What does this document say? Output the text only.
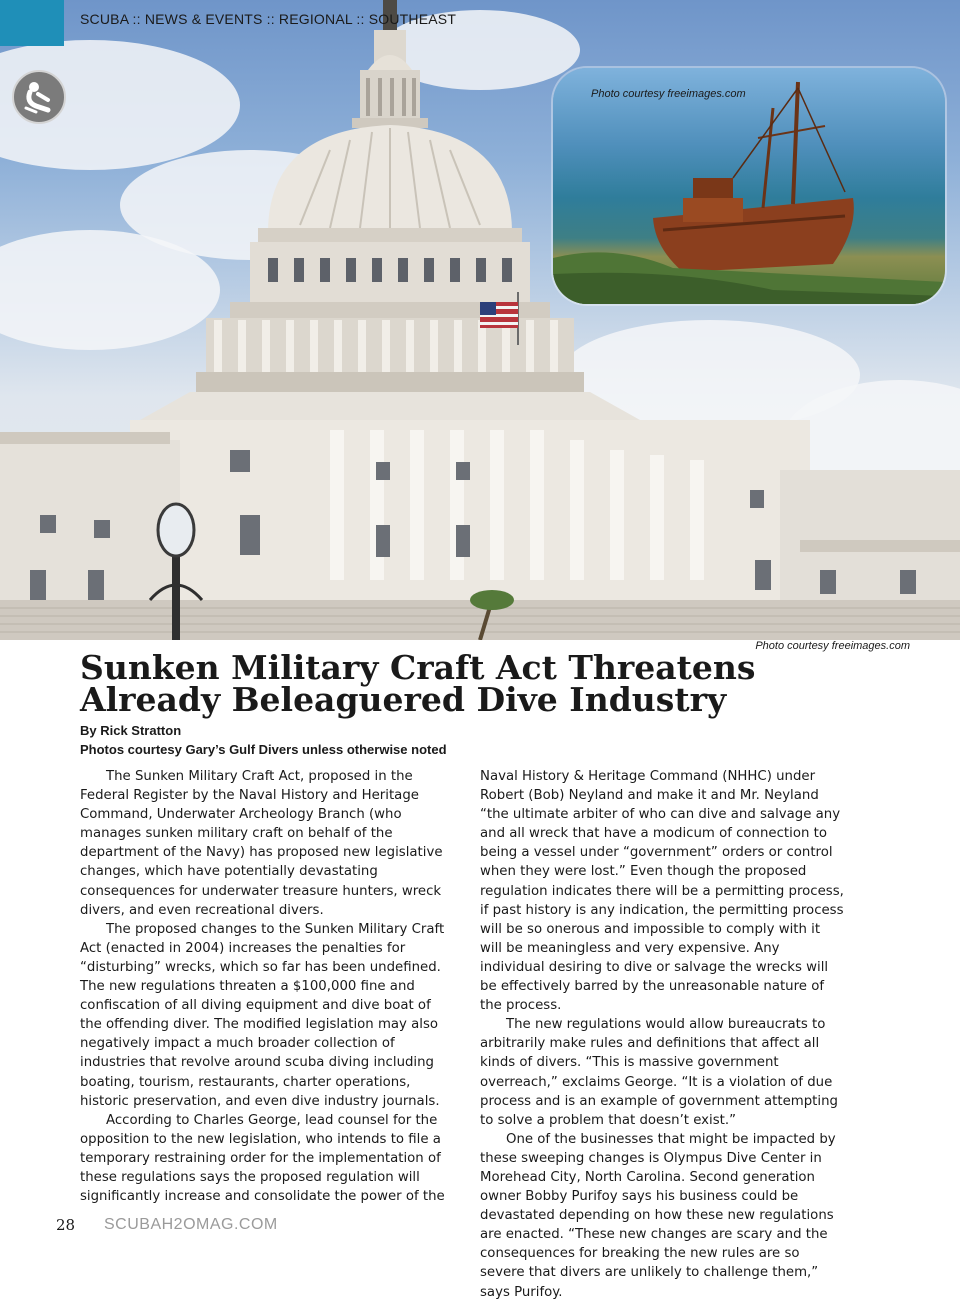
SCUBA :: NEWS & EVENTS :: REGIONAL :: SOUTHEAST
Photo courtesy freeimages.com
Photo courtesy freeimages.com
Sunken Military Craft Act Threatens Already Beleaguered Dive Industry
By Rick Stratton
Photos courtesy Gary’s Gulf Divers unless otherwise noted

The Sunken Military Craft Act, proposed in the Federal Register by the Naval History and Heritage Command, Underwater Archeology Branch (who manages sunken military craft on behalf of the department of the Navy) has proposed new legislative changes, which have potentially devastating consequences for underwater treasure hunters, wreck divers, and even recreational divers.

The proposed changes to the Sunken Military Craft Act (enacted in 2004) increases the penalties for “disturbing” wrecks, which so far has been undefined. The new regulations threaten a $100,000 fine and confiscation of all diving equipment and dive boat of the offending diver. The modified legislation may also negatively impact a much broader collection of industries that revolve around scuba diving including boating, tourism, restaurants, charter operations, historic preservation, and even dive industry journals.

According to Charles George, lead counsel for the opposition to the new legislation, who intends to file a temporary restraining order for the implementation of these regulations says the proposed regulation will significantly increase and consolidate the power of the

Naval History & Heritage Command (NHHC) under Robert (Bob) Neyland and make it and Mr. Neyland “the ultimate arbiter of who can dive and salvage any and all wreck that have a modicum of connection to being a vessel under “government” orders or control when they were lost.” Even though the proposed regulation indicates there will be a permitting process, if past history is any indication, the permitting process will be so onerous and impossible to comply with it will be meaningless and very expensive. Any individual desiring to dive or salvage the wrecks will be effectively barred by the unreasonable nature of the process.

The new regulations would allow bureaucrats to arbitrarily make rules and definitions that affect all kinds of divers. “This is massive government overreach,” exclaims George. “It is a violation of due process and is an example of government attempting to solve a problem that doesn’t exist.”

One of the businesses that might be impacted by these sweeping changes is Olympus Dive Center in Morehead City, North Carolina. Second generation owner Bobby Purifoy says his business could be devastated depending on how these new regulations are enacted. “These new changes are scary and the consequences for breaking the new rules are so severe that divers are unlikely to challenge them,” says Purifoy.

28 SCUBAH2OMAG.COM
